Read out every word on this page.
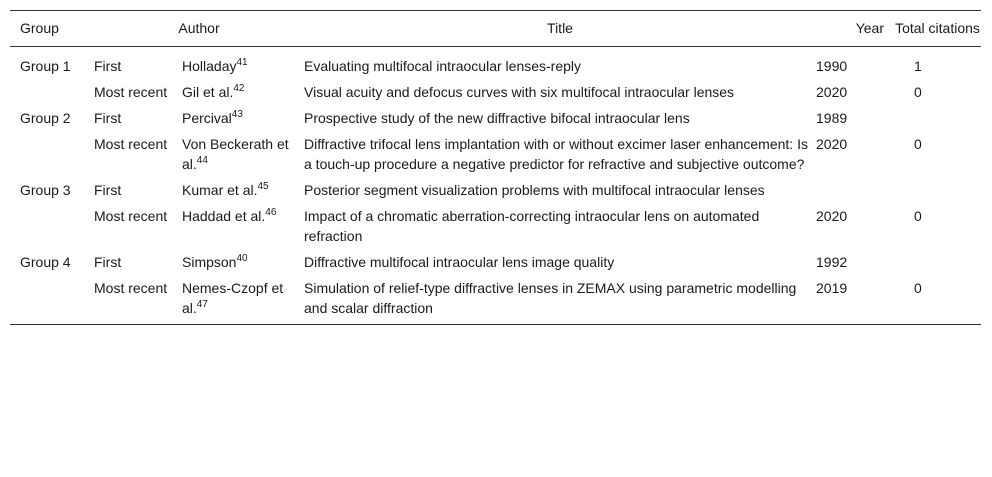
Group	Author		Title	Year	Total citations
Group 1	First	Holladay$^{41}$	Evaluating multifocal intraocular lenses-reply	1990	1
	Most recent	Gil et al.$^{42}$	Visual acuity and defocus curves with six multifocal intraocular lenses	2020	0
Group 2	First	Percival$^{43}$	Prospective study of the new diffractive bifocal intraocular lens	1989	
	Most recent	Von Beckerath et al.$^{44}$	Diffractive trifocal lens implantation with or without excimer laser enhancement: Is a touch-up procedure a negative predictor for refractive and subjective outcome?	2020	0
Group 3	First	Kumar et al.$^{45}$	Posterior segment visualization problems with multifocal intraocular lenses		
	Most recent	Haddad et al.$^{46}$	Impact of a chromatic aberration-correcting intraocular lens on automated refraction	2020	0
Group 4	First	Simpson$^{40}$	Diffractive multifocal intraocular lens image quality	1992	
	Most recent	Nemes-Czopf et al.$^{47}$	Simulation of relief-type diffractive lenses in ZEMAX using parametric modelling and scalar diffraction	2019	0
